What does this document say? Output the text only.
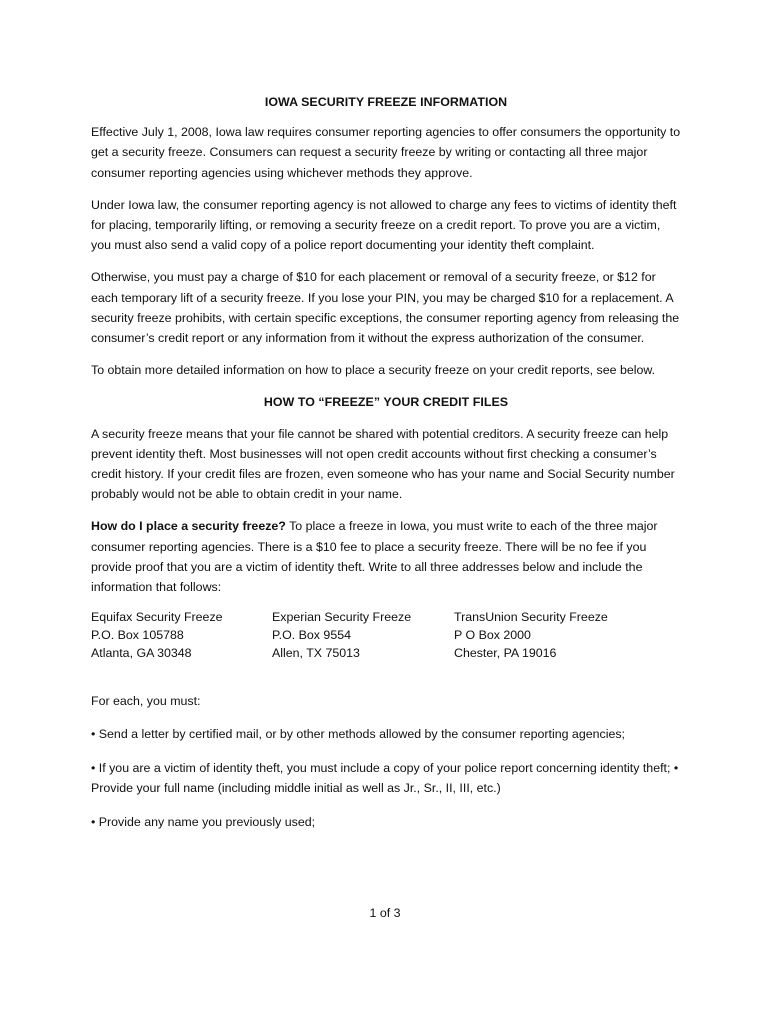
IOWA SECURITY FREEZE INFORMATION

Effective July 1, 2008, Iowa law requires consumer reporting agencies to offer consumers the opportunity to get a security freeze. Consumers can request a security freeze by writing or contacting all three major consumer reporting agencies using whichever methods they approve.

Under Iowa law, the consumer reporting agency is not allowed to charge any fees to victims of identity theft for placing, temporarily lifting, or removing a security freeze on a credit report. To prove you are a victim, you must also send a valid copy of a police report documenting your identity theft complaint.

Otherwise, you must pay a charge of $10 for each placement or removal of a security freeze, or $12 for each temporary lift of a security freeze. If you lose your PIN, you may be charged $10 for a replacement. A security freeze prohibits, with certain specific exceptions, the consumer reporting agency from releasing the consumer’s credit report or any information from it without the express authorization of the consumer.

To obtain more detailed information on how to place a security freeze on your credit reports, see below.

HOW TO “FREEZE” YOUR CREDIT FILES

A security freeze means that your file cannot be shared with potential creditors. A security freeze can help prevent identity theft. Most businesses will not open credit accounts without first checking a consumer’s credit history. If your credit files are frozen, even someone who has your name and Social Security number probably would not be able to obtain credit in your name.

How do I place a security freeze? To place a freeze in Iowa, you must write to each of the three major consumer reporting agencies. There is a $10 fee to place a security freeze. There will be no fee if you provide proof that you are a victim of identity theft. Write to all three addresses below and include the information that follows:

Equifax Security Freeze
P.O. Box 105788
Atlanta, GA 30348
Experian Security Freeze
P.O. Box 9554
Allen, TX 75013
TransUnion Security Freeze
P O Box 2000
Chester, PA 19016

For each, you must:

• Send a letter by certified mail, or by other methods allowed by the consumer reporting agencies;

• If you are a victim of identity theft, you must include a copy of your police report concerning identity theft; • Provide your full name (including middle initial as well as Jr., Sr., II, III, etc.)

• Provide any name you previously used;

1 of 3
